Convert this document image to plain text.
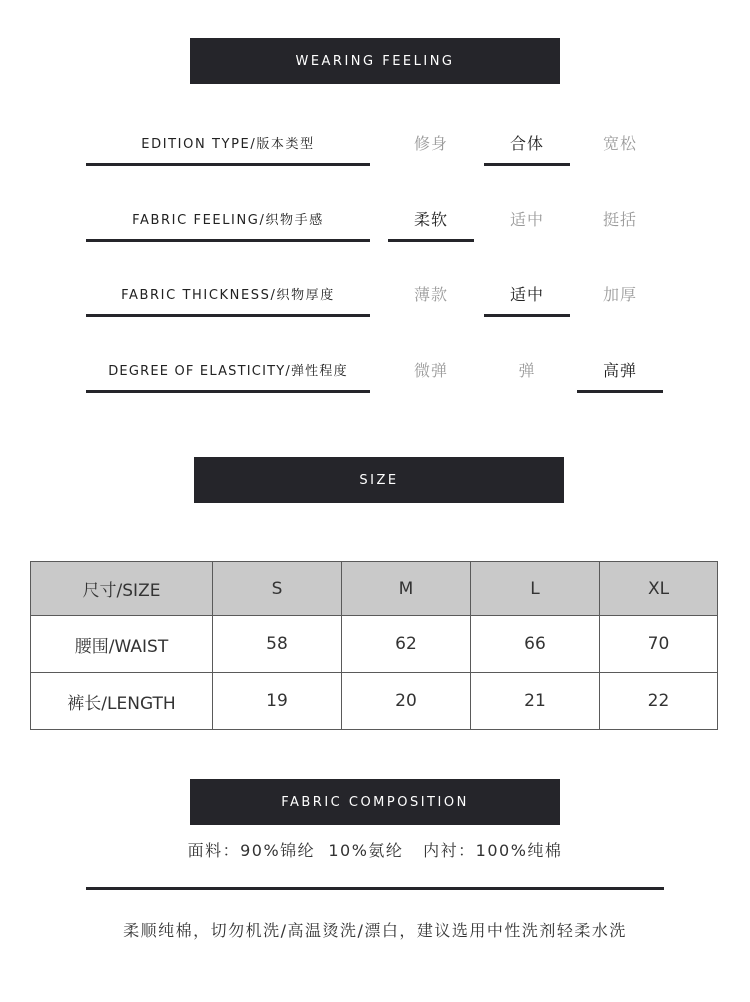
WEARING FEELING
EDITION TYPE/版本类型	修身	合体	宽松
FABRIC FEELING/织物手感	柔软	适中	挺括
FABRIC THICKNESS/织物厚度	薄款	适中	加厚
DEGREE OF ELASTICITY/弹性程度	微弹	弹	高弹
SIZE
尺寸/SIZE	S	M	L	XL
腰围/WAIST	58	62	66	70
裤长/LENGTH	19	20	21	22
FABRIC COMPOSITION
面料：90%锦纶  10%氨纶   内衬：100%纯棉
柔顺纯棉，切勿机洗/高温烫洗/漂白，建议选用中性洗剂轻柔水洗
